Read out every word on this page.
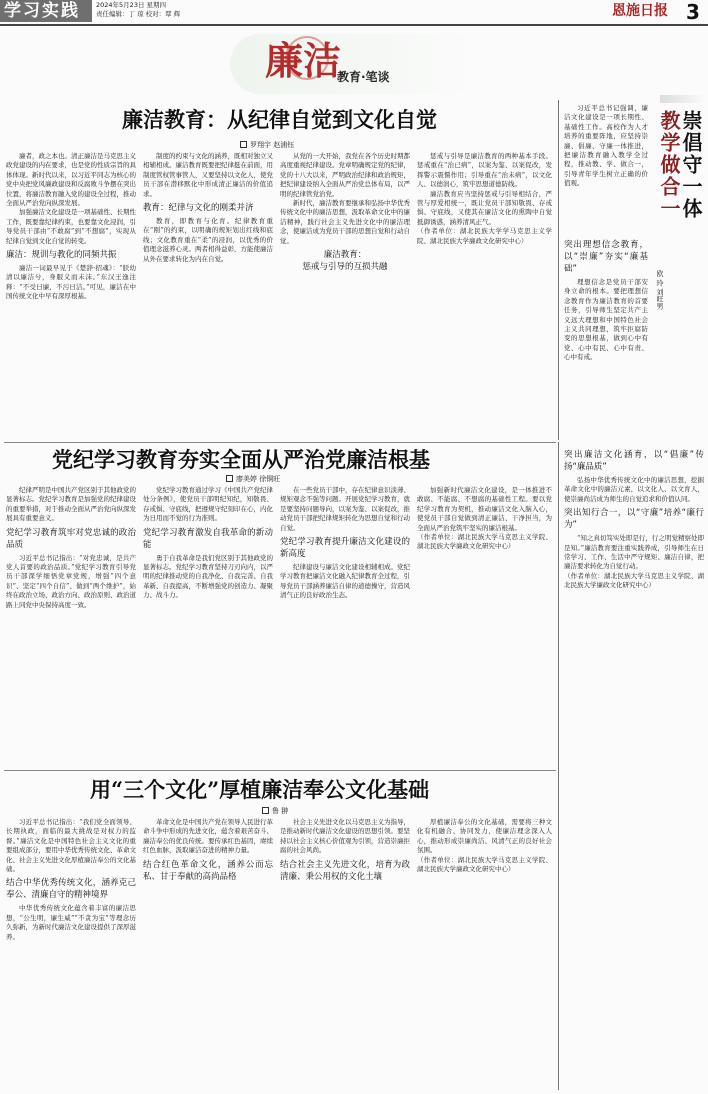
学习实践	2024年5月23日 星期四
责任编辑：丁 琼 校对：覃 辉	恩施日报 3
廉洁
教育·笔谈
廉洁教育：从纪律自觉到文化自觉
罗翔宇 赵浦钰

廉者，政之本也。清正廉洁是马克思主义政党建设的内在要求，也是党的性质宗旨的具体体现。新时代以来，以习近平同志为核心的党中央把党风廉政建设和反腐败斗争摆在突出位置，将廉洁教育融入党的建设全过程，推动全面从严治党向纵深发展。

加强廉洁文化建设是一项基础性、长期性工作，既要靠纪律约束，也要靠文化浸润，引导党员干部由“不敢腐”到“不想腐”，实现从纪律自觉到文化自觉的转变。

廉洁：规训与教化的同频共振

廉洁一词最早见于《楚辞·招魂》：“朕幼清以廉洁兮，身服义而未沫。”东汉王逸注释：“不受曰廉，不污曰洁。”可见，廉洁在中国传统文化中早有深厚根基。

制度的约束与文化的涵养，既相对独立又相辅相成。廉洁教育既要把纪律挺在前面，用制度管权管事管人，又要坚持以文化人，使党员干部在潜移默化中形成清正廉洁的价值追求。

教育：纪律与文化的刚柔并济

教育，即教育与化育。纪律教育重在“刚”的约束，以明确的规矩划出红线和底线；文化教育重在“柔”的浸润，以优秀的价值理念滋养心灵。两者相得益彰，方能使廉洁从外在要求转化为内在自觉。

从党的一大开始，我党在各个历史时期都高度重视纪律建设。党章明确规定党的纪律，党的十八大以来，严明政治纪律和政治规矩，把纪律建设纳入全面从严治党总体布局，以严明的纪律管党治党。

新时代，廉洁教育要继承和弘扬中华优秀传统文化中的廉洁思想，汲取革命文化中的廉洁精神，践行社会主义先进文化中的廉洁理念，使廉洁成为党员干部的思想自觉和行动自觉。

廉洁教育：
惩戒与引导的互损共融

惩戒与引导是廉洁教育的两种基本手段。惩戒重在“治已病”，以案为鉴、以案促改，发挥警示震慑作用；引导重在“治未病”，以文化人、以德润心，筑牢思想道德防线。

廉洁教育应当坚持惩戒与引导相结合，严管与厚爱相统一，既让党员干部知敬畏、存戒惧、守底线，又使其在廉洁文化的熏陶中自觉抵御诱惑，涵养清风正气。

（作者单位：湖北民族大学学马克思主义学院、湖北民族大学廉政文化研究中心）
崇倡守一体
教学做合一
欧 玲 刘旺男

习近平总书记强调，廉洁文化建设是一项长期性、基础性工作。高校作为人才培养的重要阵地，应坚持崇廉、倡廉、守廉一体推进，把廉洁教育融入教学全过程，推动教、学、做合一，引导青年学生树立正确的价值观。

突出理想信念教育，以“崇廉”夯实“廉基础”

理想信念是党员干部安身立命的根本。要把理想信念教育作为廉洁教育的首要任务，引导师生坚定共产主义远大理想和中国特色社会主义共同理想，筑牢拒腐防变的思想根基，做到心中有党、心中有民、心中有责、心中有戒。

突出廉洁文化涵育，以“倡廉”传扬“廉品质”

弘扬中华优秀传统文化中的廉洁思想，挖掘革命文化中的廉洁元素，以文化人、以文育人，使崇廉尚洁成为师生的自觉追求和价值认同。

突出知行合一，以“守廉”培养“廉行为”

“知之真切笃实处即是行，行之明觉精察处即是知。”廉洁教育要注重实践养成，引导师生在日常学习、工作、生活中严守规矩、廉洁自律，把廉洁要求转化为自觉行动。

（作者单位：湖北民族大学马克思主义学院、湖北民族大学廉政文化研究中心）
党纪学习教育夯实全面从严治党廉洁根基
廖美婷 徐铜旺

纪律严明是中国共产党区别于其他政党的显著标志。党纪学习教育是加强党的纪律建设的重要举措，对于推动全面从严治党向纵深发展具有重要意义。

党纪学习教育筑牢对党忠诚的政治品质

习近平总书记指出：“对党忠诚，是共产党人首要的政治品质。”党纪学习教育引导党员干部深学细悟党章党规，增强“四个意识”、坚定“四个自信”、做到“两个维护”，始终在政治立场、政治方向、政治原则、政治道路上同党中央保持高度一致。

党纪学习教育通过学习《中国共产党纪律处分条例》，使党员干部明纪知纪，知敬畏、存戒惧、守底线，把遵规守纪刻印在心，内化为日用而不觉的行为准则。

党纪学习教育激发自我革命的新动能

勇于自我革命是我们党区别于其他政党的显著标志。党纪学习教育坚持刀刃向内，以严明的纪律推动党的自我净化、自我完善、自我革新、自我提高，不断增强党的创造力、凝聚力、战斗力。

在一些党员干部中，存在纪律意识淡薄、规矩观念不强等问题。开展党纪学习教育，就是要坚持问题导向，以案为鉴、以案促改，推动党员干部把纪律规矩转化为思想自觉和行动自觉。

党纪学习教育提升廉洁文化建设的新高度

纪律建设与廉洁文化建设相辅相成。党纪学习教育把廉洁文化融入纪律教育全过程，引导党员干部涵养廉洁自律的道德操守，营造风清气正的良好政治生态。

加强新时代廉洁文化建设，是一体推进不敢腐、不能腐、不想腐的基础性工程。要以党纪学习教育为契机，推动廉洁文化入脑入心，使党员干部自觉做到清正廉洁、干净担当，为全面从严治党筑牢坚实的廉洁根基。

（作者单位：湖北民族大学马克思主义学院、湖北民族大学廉政文化研究中心）
用“三个文化”厚植廉洁奉公文化基础
鲁 翀

习近平总书记指出：“我们党全面领导、长期执政，面临的最大挑战是对权力的监督。”廉洁文化是中国特色社会主义文化的重要组成部分，要用中华优秀传统文化、革命文化、社会主义先进文化厚植廉洁奉公的文化基础。

结合中华优秀传统文化，涵养克己奉公、清廉自守的精神境界

中华优秀传统文化蕴含着丰富的廉洁思想，“公生明，廉生威”“不贪为宝”等理念历久弥新，为新时代廉洁文化建设提供了深厚滋养。

革命文化是中国共产党在领导人民进行革命斗争中形成的先进文化，蕴含着艰苦奋斗、廉洁奉公的优良传统。要传承红色基因，赓续红色血脉，汲取廉洁奋进的精神力量。

结合红色革命文化，涵养公而忘私、甘于奉献的高尚品格

社会主义先进文化以马克思主义为指导，是推动新时代廉洁文化建设的思想引领。要坚持以社会主义核心价值观为引领，营造崇廉拒腐的社会风尚。

结合社会主义先进文化，培育为政清廉、秉公用权的文化土壤

厚植廉洁奉公的文化基础，需要将三种文化有机融合、协同发力，使廉洁理念深入人心，推动形成崇廉尚洁、风清气正的良好社会氛围。

（作者单位：湖北民族大学马克思主义学院、湖北民族大学廉政文化研究中心）
